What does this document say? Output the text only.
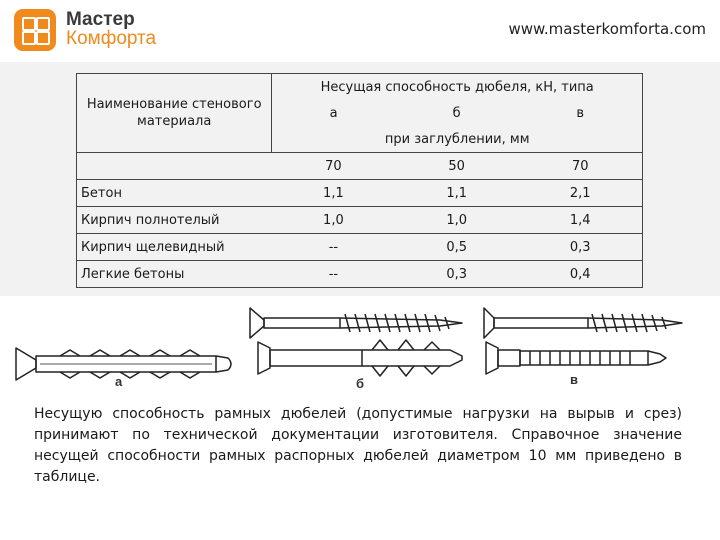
Мастер
Комфорта	www.masterkomforta.com
Наименование стенового материала	Несущая способность дюбеля, кН, типа		
	а	б	в
	при заглублении, мм		
	70	50	70
Бетон	1,1	1,1	2,1
Кирпич полнотелый	1,0	1,0	1,4
Кирпич щелевидный	--	0,5	0,3
Легкие бетоны	--	0,3	0,4
а	б	в
Несущую способность рамных дюбелей (допустимые нагрузки на вырыв и срез) принимают по технической документации изготовителя. Справочное значение несущей способности рамных распорных дюбелей диаметром 10 мм приведено в таблице.
